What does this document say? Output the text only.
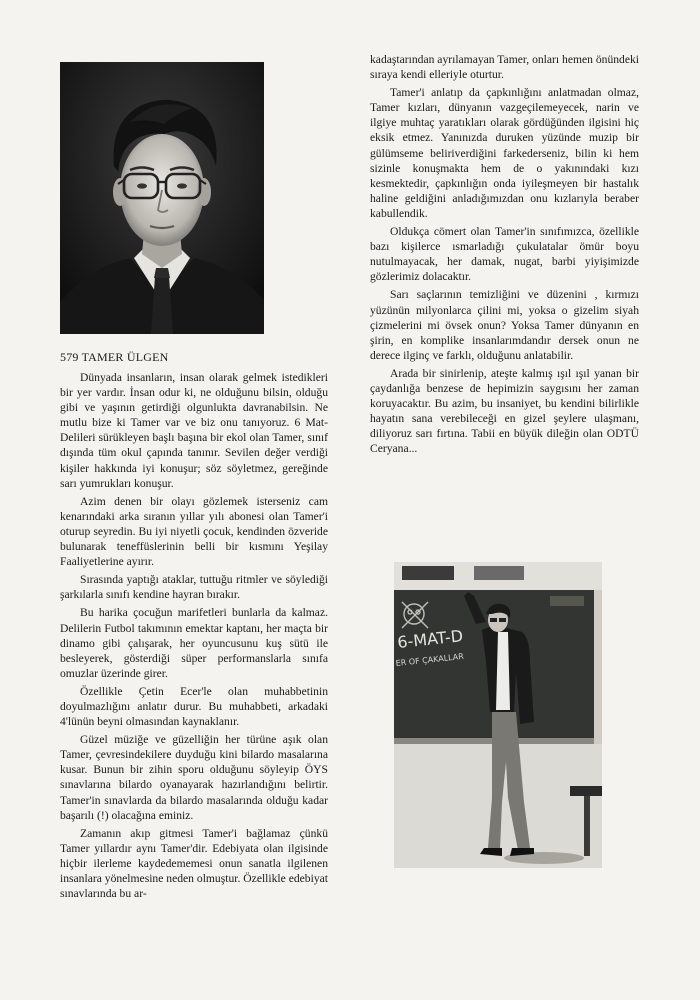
579 TAMER ÜLGEN

Dünyada insanların, insan olarak gelmek istedikleri bir yer vardır. İnsan odur ki, ne olduğunu bilsin, olduğu gibi ve yaşının getirdiği olgunlukta davranabilsin. Ne mutlu bize ki Tamer var ve biz onu tanıyoruz. 6 Mat-Delileri sürükleyen başlı başına bir ekol olan Tamer, sınıf dışında tüm okul çapında tanınır. Sevilen değer verdiği kişiler hakkında iyi konuşur; söz söyletmez, gereğinde sarı yumrukları konuşur.

Azim denen bir olayı gözlemek isterseniz cam kenarındaki arka sıranın yıllar yılı abonesi olan Tamer'i oturup seyredin. Bu iyi niyetli çocuk, kendinden özveride bulunarak teneffüslerinin belli bir kısmını Yeşilay Faaliyetlerine ayırır.

Sırasında yaptığı ataklar, tuttuğu ritmler ve söylediği şarkılarla sınıfı kendine hayran bırakır.

Bu harika çocuğun marifetleri bunlarla da kalmaz. Delilerin Futbol takımının emektar kaptanı, her maçta bir dinamo gibi çalışarak, her oyuncusunu kuş sütü ile besleyerek, gösterdiği süper performanslarla sınıfa omuzlar üzerinde girer.

Özellikle Çetin Ecer'le olan muhabbetinin doyulmazlığını anlatır durur. Bu muhabbeti, arkadaki 4'lünün beyni olmasından kaynaklanır.

Güzel müziğe ve güzelliğin her türüne aşık olan Tamer, çevresindekilere duyduğu kini bilardo masalarına kusar. Bunun bir zihin sporu olduğunu söyleyip ÖYS sınavlarına bilardo oyanayarak hazırlandığını belirtir. Tamer'in sınavlarda da bilardo masalarında olduğu kadar başarılı (!) olacağına eminiz.

Zamanın akıp gitmesi Tamer'i bağlamaz çünkü Tamer yıllardır aynı Tamer'dir. Edebiyata olan ilgisinde hiçbir ilerleme kaydedememesi onun sanatla ilgilenen insanlara yönelmesine neden olmuştur. Özellikle edebiyat sınavlarında bu ar-

kadaştarından ayrılamayan Tamer, onları hemen önündeki sıraya kendi elleriyle oturtur.

Tamer'i anlatıp da çapkınlığını anlatmadan olmaz, Tamer kızları, dünyanın vazgeçilemeyecek, narin ve ilgiye muhtaç yaratıkları olarak gördüğünden ilgisini hiç eksik etmez. Yanınızda duruken yüzünde muzip bir gülümseme beliriverdiğini farkederseniz, bilin ki hem sizinle konuşmakta hem de o yakınındaki kızı kesmektedir, çapkınlığın onda iyileşmeyen bir hastalık haline geldiğini anladığımızdan onu kızlarıyla beraber kabullendik.

Oldukça cömert olan Tamer'in sınıfımızca, özellikle bazı kişilerce ısmarladığı çukulatalar ömür boyu nutulmayacak, her damak, nugat, barbi yiyişimizde gözlerimiz dolacaktır.

Sarı saçlarının temizliğini ve düzenini , kırmızı yüzünün milyonlarca çilini mi, yoksa o gizelim siyah çizmelerini mi övsek onun? Yoksa Tamer dünyanın en şirin, en komplike insanlarımdandır dersek onun ne derece ilginç ve farklı, olduğunu anlatabilir.

Arada bir sinirlenip, ateşte kalmış ışıl ışıl yanan bir çaydanlığa benzese de hepimizin saygısını her zaman koruyacaktır. Bu azim, bu insaniyet, bu kendini bilirlikle hayatın sana verebileceği en gizel şeylere ulaşmanı, diliyoruz sarı fırtına. Tabii en büyük dileğin olan ODTÜ Ceryana...

6-MAT-D
ER OF ÇAKALLAR
